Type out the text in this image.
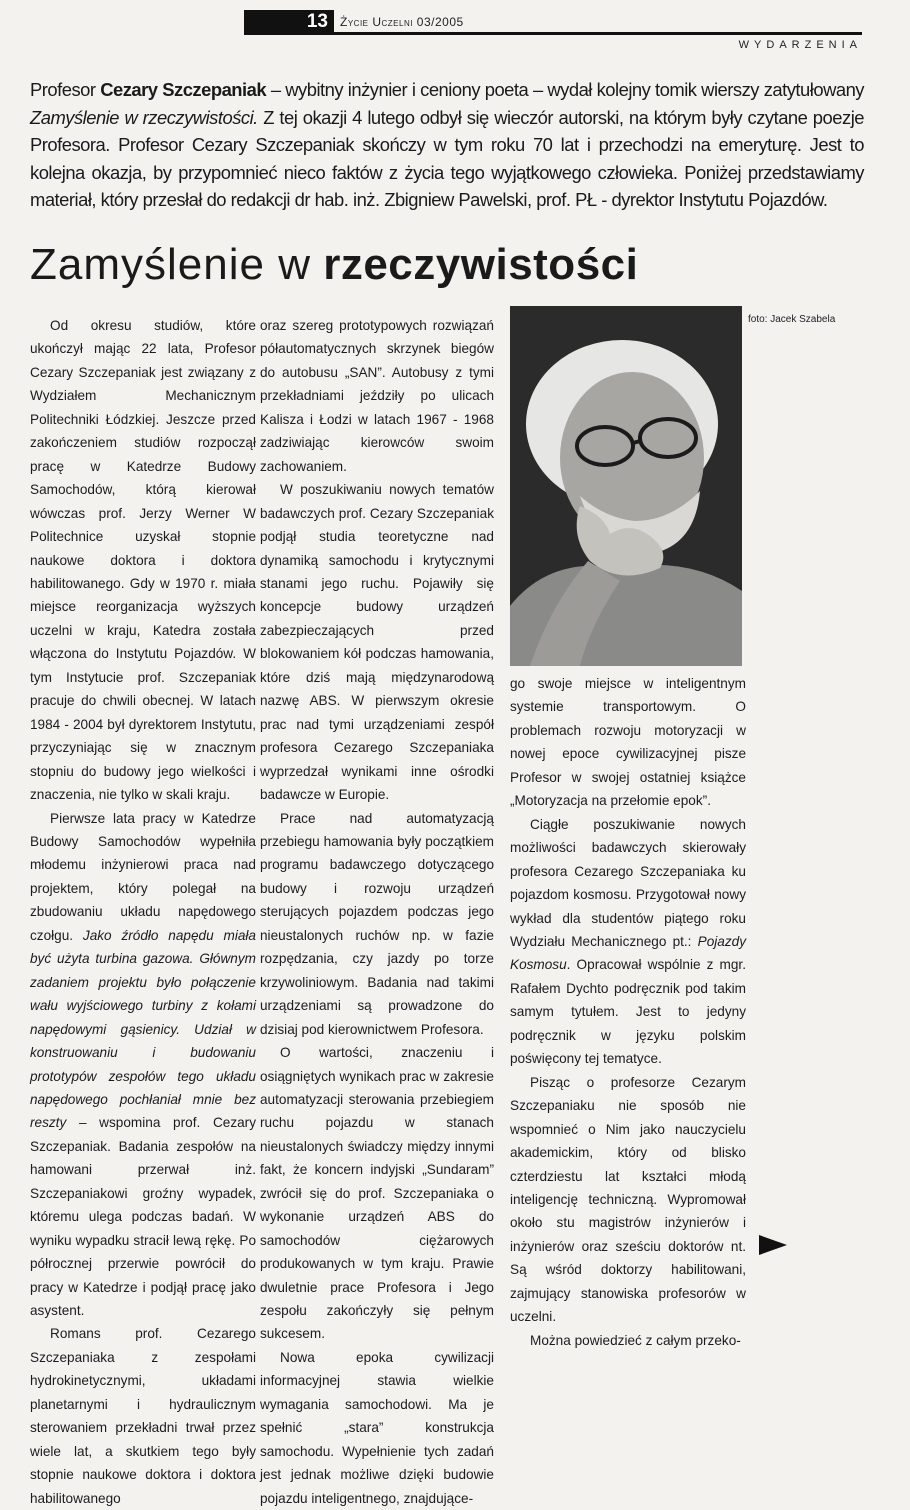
13	Życie Uczelni 03/2005
WYDARZENIA
Profesor Cezary Szczepaniak – wybitny inżynier i ceniony poeta – wydał kolejny tomik wierszy zatytułowany Zamyślenie w rzeczywistości. Z tej okazji 4 lutego odbył się wieczór autorski, na którym były czytane poezje Profesora. Profesor Cezary Szczepaniak skończy w tym roku 70 lat i przechodzi na emeryturę. Jest to kolejna okazja, by przypomnieć nieco faktów z życia tego wyjątkowego człowieka. Poniżej przedstawiamy materiał, który przesłał do redakcji dr hab. inż. Zbigniew Pawelski, prof. PŁ - dyrektor Instytutu Pojazdów.
Zamyślenie w rzeczywistości

Od okresu studiów, które ukończył mając 22 lata, Profesor Cezary Szczepaniak jest związany z Wydziałem Mechanicznym Politechniki Łódzkiej. Jeszcze przed zakończeniem studiów rozpoczął pracę w Katedrze Budowy Samochodów, którą kierował wówczas prof. Jerzy Werner W Politechnice uzyskał stopnie naukowe doktora i doktora habilitowanego. Gdy w 1970 r. miała miejsce reorganizacja wyższych uczelni w kraju, Katedra została włączona do Instytutu Pojazdów. W tym Instytucie prof. Szczepaniak pracuje do chwili obecnej. W latach 1984 - 2004 był dyrektorem Instytutu, przyczyniając się w znacznym stopniu do budowy jego wielkości i znaczenia, nie tylko w skali kraju.

Pierwsze lata pracy w Katedrze Budowy Samochodów wypełniła młodemu inżynierowi praca nad projektem, który polegał na zbudowaniu układu napędowego czołgu. Jako źródło napędu miała być użyta turbina gazowa. Głównym zadaniem projektu było połączenie wału wyjściowego turbiny z kołami napędowymi gąsienicy. Udział w konstruowaniu i budowaniu prototypów zespołów tego układu napędowego pochłaniał mnie bez reszty – wspomina prof. Cezary Szczepaniak. Badania zespołów na hamowani przerwał inż. Szczepaniakowi groźny wypadek, któremu ulega podczas badań. W wyniku wypadku stracił lewą rękę. Po półrocznej przerwie powrócił do pracy w Katedrze i podjął pracę jako asystent.

Romans prof. Cezarego Szczepaniaka z zespołami hydrokinetycznymi, układami planetarnymi i hydraulicznym sterowaniem przekładni trwał przez wiele lat, a skutkiem tego były stopnie naukowe doktora i doktora habilitowanego

oraz szereg prototypowych rozwiązań półautomatycznych skrzynek biegów do autobusu „SAN”. Autobusy z tymi przekładniami jeździły po ulicach Kalisza i Łodzi w latach 1967 - 1968 zadziwiając kierowców swoim zachowaniem.

W poszukiwaniu nowych tematów badawczych prof. Cezary Szczepaniak podjął studia teoretyczne nad dynamiką samochodu i krytycznymi stanami jego ruchu. Pojawiły się koncepcje budowy urządzeń zabezpieczających przed blokowaniem kół podczas hamowania, które dziś mają międzynarodową nazwę ABS. W pierwszym okresie prac nad tymi urządzeniami zespół profesora Cezarego Szczepaniaka wyprzedzał wynikami inne ośrodki badawcze w Europie.

Prace nad automatyzacją przebiegu hamowania były początkiem programu badawczego dotyczącego budowy i rozwoju urządzeń sterujących pojazdem podczas jego nieustalonych ruchów np. w fazie rozpędzania, czy jazdy po torze krzywoliniowym. Badania nad takimi urządzeniami są prowadzone do dzisiaj pod kierownictwem Profesora.

O wartości, znaczeniu i osiągniętych wynikach prac w zakresie automatyzacji sterowania przebiegiem ruchu pojazdu w stanach nieustalonych świadczy między innymi fakt, że koncern indyjski „Sundaram” zwrócił się do prof. Szczepaniaka o wykonanie urządzeń ABS do samochodów ciężarowych produkowanych w tym kraju. Prawie dwuletnie prace Profesora i Jego zespołu zakończyły się pełnym sukcesem.

Nowa epoka cywilizacji informacyjnej stawia wielkie wymagania samochodowi. Ma je spełnić „stara” konstrukcja samochodu. Wypełnienie tych zadań jest jednak możliwe dzięki budowie pojazdu inteligentnego, znajdujące-

foto: Jacek Szabela

go swoje miejsce w inteligentnym systemie transportowym. O problemach rozwoju motoryzacji w nowej epoce cywilizacyjnej pisze Profesor w swojej ostatniej książce „Motoryzacja na przełomie epok”.

Ciągłe poszukiwanie nowych możliwości badawczych skierowały profesora Cezarego Szczepaniaka ku pojazdom kosmosu. Przygotował nowy wykład dla studentów piątego roku Wydziału Mechanicznego pt.: Pojazdy Kosmosu. Opracował wspólnie z mgr. Rafałem Dychto podręcznik pod takim samym tytułem. Jest to jedyny podręcznik w języku polskim poświęcony tej tematyce.

Pisząc o profesorze Cezarym Szczepaniaku nie sposób nie wspomnieć o Nim jako nauczycielu akademickim, który od blisko czterdziestu lat kształci młodą inteligencję techniczną. Wypromował około stu magistrów inżynierów i inżynierów oraz sześciu doktorów nt. Są wśród doktorzy habilitowani, zajmujący stanowiska profesorów w uczelni.

Można powiedzieć z całym przeko-
